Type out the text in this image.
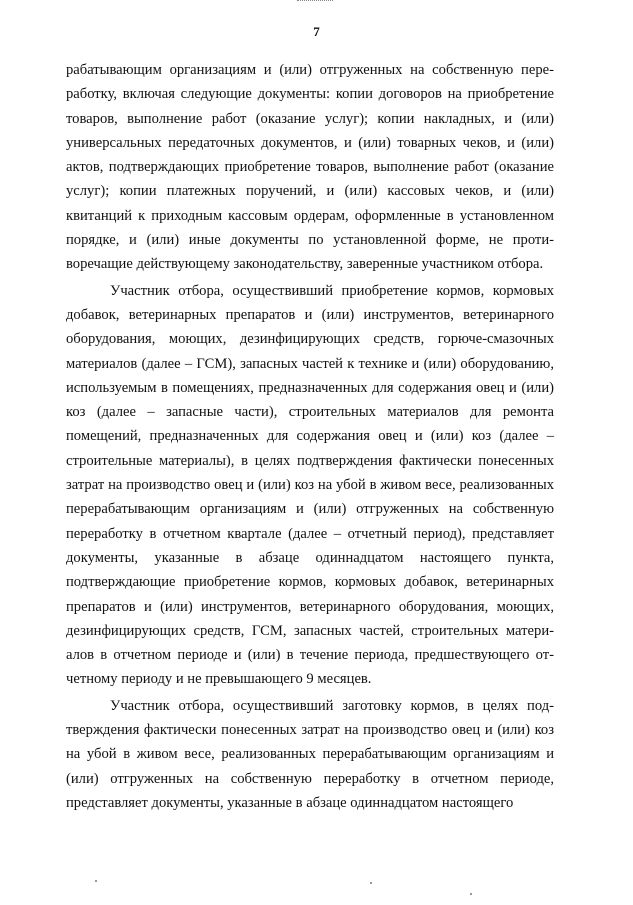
7

рабатывающим организациям и (или) отгруженных на собственную переработку, включая следующие документы: копии договоров на приобретение товаров, выполнение работ (оказание услуг); копии накладных, и (или) универсальных передаточных документов, и (или) товарных чеков, и (или) актов, подтверждающих приобретение товаров, выполнение работ (оказание услуг); копии платежных поручений, и (или) кассовых чеков, и (или) квитанций к приходным кассовым ордерам, оформленные в установленном порядке, и (или) иные документы по установленной форме, не противоречащие действующему законодательству, заверенные участником отбора.

Участник отбора, осуществивший приобретение кормов, кормовых добавок, ветеринарных препаратов и (или) инструментов, ветеринарного оборудования, моющих, дезинфицирующих средств, горюче-смазочных материалов (далее – ГСМ), запасных частей к технике и (или) оборудованию, используемым в помещениях, предназначенных для содержания овец и (или) коз (далее – запасные части), строительных материалов для ремонта помещений, предназначенных для содержания овец и (или) коз (далее – строительные материалы), в целях подтверждения фактически понесенных затрат на производство овец и (или) коз на убой в живом весе, реализованных перерабатывающим организациям и (или) отгруженных на собственную переработку в отчетном квартале (далее – отчетный период), представляет документы, указанные в абзаце одиннадцатом настоящего пункта, подтверждающие приобретение кормов, кормовых добавок, ветеринарных препаратов и (или) инструментов, ветеринарного оборудования, моющих, дезинфицирующих средств, ГСМ, запасных частей, строительных материалов в отчетном периоде и (или) в течение периода, предшествующего отчетному периоду и не превышающего 9 месяцев.

Участник отбора, осуществивший заготовку кормов, в целях подтверждения фактически понесенных затрат на производство овец и (или) коз на убой в живом весе, реализованных перерабатывающим организациям и (или) отгруженных на собственную переработку в отчетном периоде, представляет документы, указанные в абзаце одиннадцатом настоящего
